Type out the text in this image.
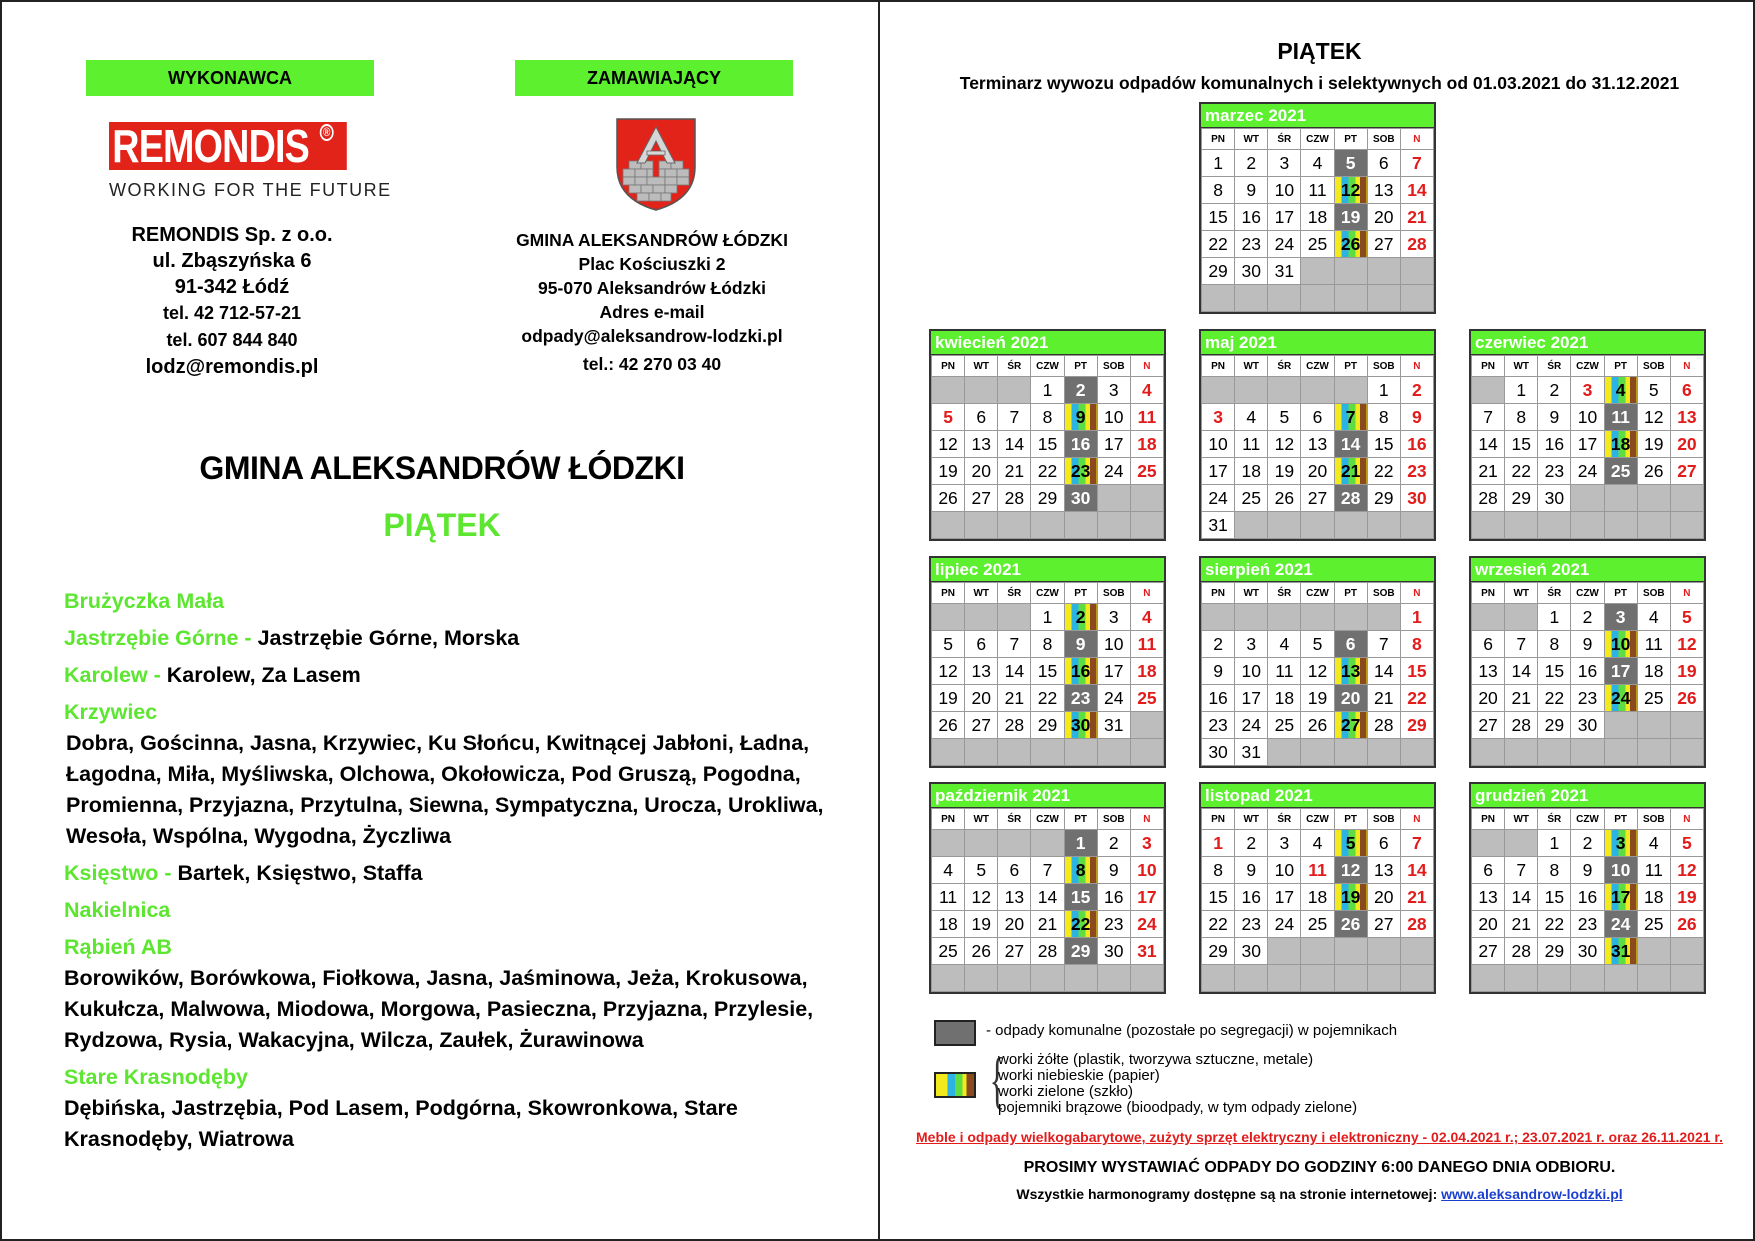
WYKONAWCA	ZAMAWIAJĄCY
REMONDIS ®
WORKING FOR THE FUTURE
REMONDIS Sp. z o.o.
ul. Zbąszyńska 6
91-342 Łódź
tel. 42 712-57-21
tel. 607 844 840
lodz@remondis.pl
GMINA ALEKSANDRÓW ŁÓDZKI
Plac Kościuszki 2
95-070 Aleksandrów Łódzki
Adres e-mail
odpady@aleksandrow-lodzki.pl
tel.: 42 270 03 40
GMINA ALEKSANDRÓW ŁÓDZKI
PIĄTEK
Brużyczka Mała
Jastrzębie Górne - Jastrzębie Górne, Morska
Karolew - Karolew, Za Lasem
Krzywiec
Dobra, Gościnna, Jasna, Krzywiec, Ku Słońcu, Kwitnącej Jabłoni, Ładna, Łagodna, Miła, Myśliwska, Olchowa, Okołowicza, Pod Gruszą, Pogodna, Promienna, Przyjazna, Przytulna, Siewna, Sympatyczna, Urocza, Urokliwa, Wesoła, Wspólna, Wygodna, Życzliwa
Księstwo - Bartek, Księstwo, Staffa
Nakielnica
Rąbień AB
Borowików, Borówkowa, Fiołkowa, Jasna, Jaśminowa, Jeża, Krokusowa, Kukułcza, Malwowa, Miodowa, Morgowa, Pasieczna, Przyjazna, Przylesie, Rydzowa, Rysia, Wakacyjna, Wilcza, Zaułek, Żurawinowa
Stare Krasnodęby
Dębińska, Jastrzębia, Pod Lasem, Podgórna, Skowronkowa, Stare Krasnodęby, Wiatrowa
PIĄTEK
Terminarz wywozu odpadów komunalnych i selektywnych od 01.03.2021 do 31.12.2021
marzec 2021
PN	WT	ŚR	CZW	PT	SOB	N
1	2	3	4	5	6	7
8	9	10	11	12	13	14
15	16	17	18	19	20	21
22	23	24	25	26	27	28
29	30	31				

kwiecień 2021
PN	WT	ŚR	CZW	PT	SOB	N
			1	2	3	4
5	6	7	8	9	10	11
12	13	14	15	16	17	18
19	20	21	22	23	24	25
26	27	28	29	30		

maj 2021
PN	WT	ŚR	CZW	PT	SOB	N
					1	2
3	4	5	6	7	8	9
10	11	12	13	14	15	16
17	18	19	20	21	22	23
24	25	26	27	28	29	30
31						
czerwiec 2021
PN	WT	ŚR	CZW	PT	SOB	N
	1	2	3	4	5	6
7	8	9	10	11	12	13
14	15	16	17	18	19	20
21	22	23	24	25	26	27
28	29	30				

lipiec 2021
PN	WT	ŚR	CZW	PT	SOB	N
			1	2	3	4
5	6	7	8	9	10	11
12	13	14	15	16	17	18
19	20	21	22	23	24	25
26	27	28	29	30	31	

sierpień 2021
PN	WT	ŚR	CZW	PT	SOB	N
						1
2	3	4	5	6	7	8
9	10	11	12	13	14	15
16	17	18	19	20	21	22
23	24	25	26	27	28	29
30	31					
wrzesień 2021
PN	WT	ŚR	CZW	PT	SOB	N
		1	2	3	4	5
6	7	8	9	10	11	12
13	14	15	16	17	18	19
20	21	22	23	24	25	26
27	28	29	30			

październik 2021
PN	WT	ŚR	CZW	PT	SOB	N
				1	2	3
4	5	6	7	8	9	10
11	12	13	14	15	16	17
18	19	20	21	22	23	24
25	26	27	28	29	30	31

listopad 2021
PN	WT	ŚR	CZW	PT	SOB	N
1	2	3	4	5	6	7
8	9	10	11	12	13	14
15	16	17	18	19	20	21
22	23	24	25	26	27	28
29	30					

grudzień 2021
PN	WT	ŚR	CZW	PT	SOB	N
		1	2	3	4	5
6	7	8	9	10	11	12
13	14	15	16	17	18	19
20	21	22	23	24	25	26
27	28	29	30	31		

- odpady komunalne (pozostałe po segregacji) w pojemnikach
{
worki żółte (plastik, tworzywa sztuczne, metale)
worki niebieskie (papier)
worki zielone (szkło)
pojemniki brązowe (bioodpady, w tym odpady zielone)
Meble i odpady wielkogabarytowe, zużyty sprzęt elektryczny i elektroniczny - 02.04.2021 r.; 23.07.2021 r. oraz 26.11.2021 r.
PROSIMY WYSTAWIAĆ ODPADY DO GODZINY 6:00 DANEGO DNIA ODBIORU.
Wszystkie harmonogramy dostępne są na stronie internetowej: www.aleksandrow-lodzki.pl
